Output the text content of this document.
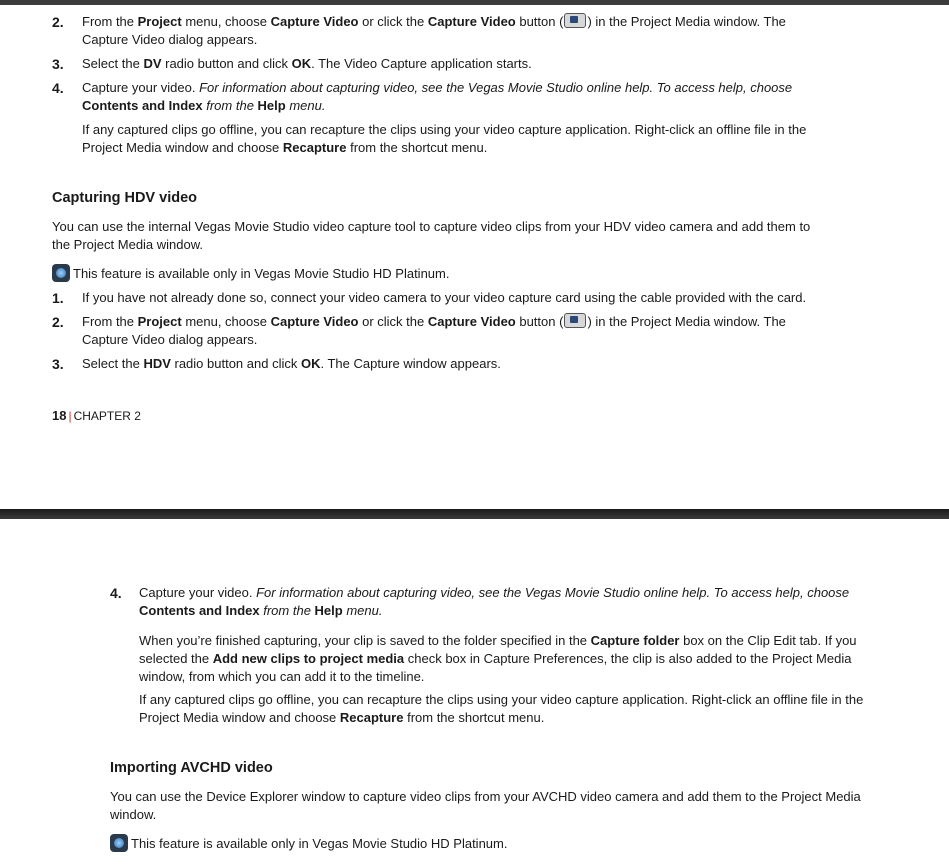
2. From the Project menu, choose Capture Video or click the Capture Video button ( ) in the Project Media window. The
Capture Video dialog appears.
3. Select the DV radio button and click OK. The Video Capture application starts.
4. Capture your video. For information about capturing video, see the Vegas Movie Studio online help. To access help, choose
Contents and Index from the Help menu.
If any captured clips go offline, you can recapture the clips using your video capture application. Right-click an offline file in the
Project Media window and choose Recapture from the shortcut menu.
Capturing HDV video
You can use the internal Vegas Movie Studio video capture tool to capture video clips from your HDV video camera and add them to
the Project Media window.
This feature is available only in Vegas Movie Studio HD Platinum.
1. If you have not already done so, connect your video camera to your video capture card using the cable provided with the card.
2. From the Project menu, choose Capture Video or click the Capture Video button ( ) in the Project Media window. The
Capture Video dialog appears.
3. Select the HDV radio button and click OK. The Capture window appears.
18 | CHAPTER 2
4. Capture your video. For information about capturing video, see the Vegas Movie Studio online help. To access help, choose
Contents and Index from the Help menu.
When you’re finished capturing, your clip is saved to the folder specified in the Capture folder box on the Clip Edit tab. If you
selected the Add new clips to project media check box in Capture Preferences, the clip is also added to the Project Media
window, from which you can add it to the timeline.
If any captured clips go offline, you can recapture the clips using your video capture application. Right-click an offline file in the
Project Media window and choose Recapture from the shortcut menu.
Importing AVCHD video
You can use the Device Explorer window to capture video clips from your AVCHD video camera and add them to the Project Media
window.
This feature is available only in Vegas Movie Studio HD Platinum.
